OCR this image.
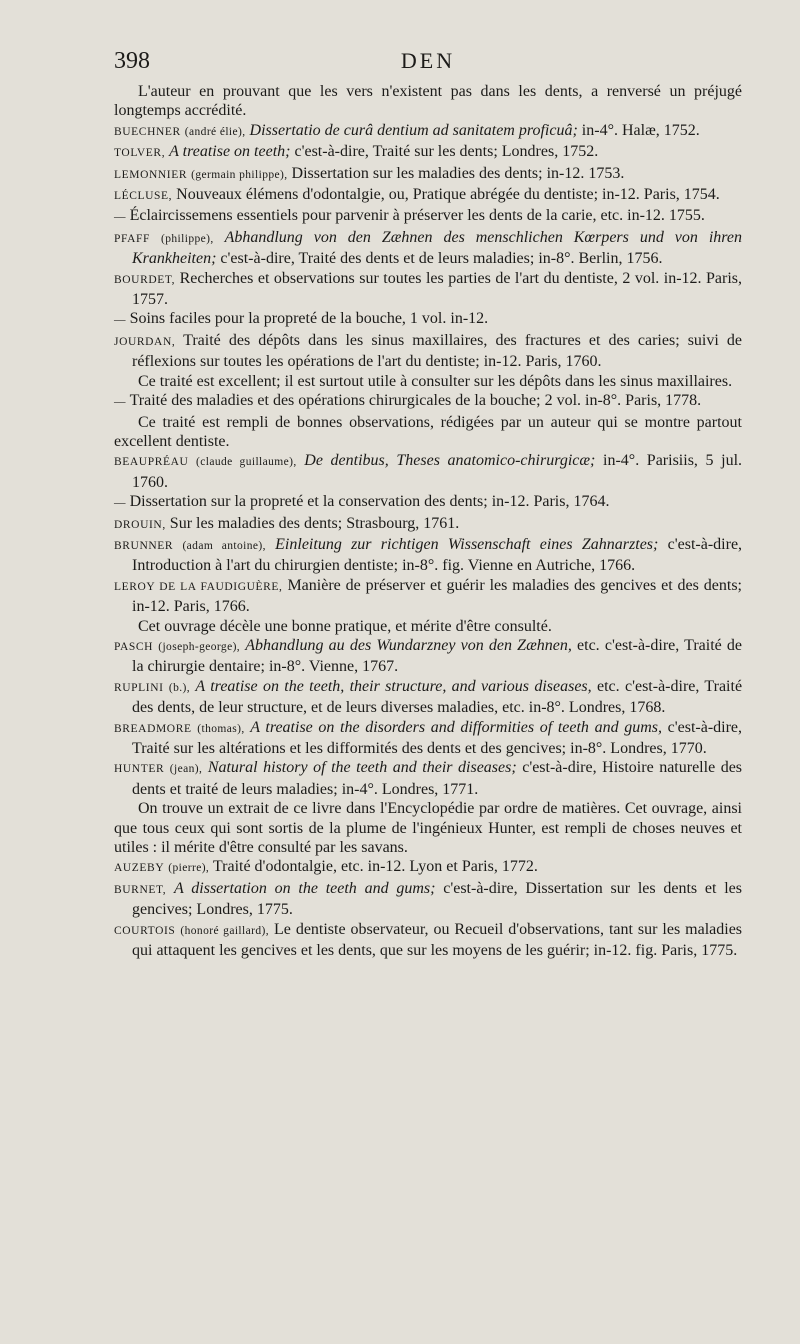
398	DEN

L'auteur en prouvant que les vers n'existent pas dans les dents, a renversé un préjugé longtemps accrédité.

BUECHNER (andré élie), Dissertatio de curâ dentium ad sanitatem proficuâ; in-4°. Halæ, 1752.

TOLVER, A treatise on teeth; c'est-à-dire, Traité sur les dents; Londres, 1752.

LEMONNIER (germain philippe), Dissertation sur les maladies des dents; in-12. 1753.

LÉCLUSE, Nouveaux élémens d'odontalgie, ou, Pratique abrégée du dentiste; in-12. Paris, 1754.

— Éclaircissemens essentiels pour parvenir à préserver les dents de la carie, etc. in-12. 1755.

PFAFF (philippe), Abhandlung von den Zæhnen des menschlichen Kœrpers und von ihren Krankheiten; c'est-à-dire, Traité des dents et de leurs maladies; in-8°. Berlin, 1756.

BOURDET, Recherches et observations sur toutes les parties de l'art du dentiste, 2 vol. in-12. Paris, 1757.

— Soins faciles pour la propreté de la bouche, 1 vol. in-12.

JOURDAN, Traité des dépôts dans les sinus maxillaires, des fractures et des caries; suivi de réflexions sur toutes les opérations de l'art du dentiste; in-12. Paris, 1760.

Ce traité est excellent; il est surtout utile à consulter sur les dépôts dans les sinus maxillaires.

— Traité des maladies et des opérations chirurgicales de la bouche; 2 vol. in-8°. Paris, 1778.

Ce traité est rempli de bonnes observations, rédigées par un auteur qui se montre partout excellent dentiste.

BEAUPRÉAU (claude guillaume), De dentibus, Theses anatomico-chirurgicæ; in-4°. Parisiis, 5 jul. 1760.

— Dissertation sur la propreté et la conservation des dents; in-12. Paris, 1764.

DROUIN, Sur les maladies des dents; Strasbourg, 1761.

BRUNNER (adam antoine), Einleitung zur richtigen Wissenschaft eines Zahnarztes; c'est-à-dire, Introduction à l'art du chirurgien dentiste; in-8°. fig. Vienne en Autriche, 1766.

LEROY DE LA FAUDIGUÈRE, Manière de préserver et guérir les maladies des gencives et des dents; in-12. Paris, 1766.

Cet ouvrage décèle une bonne pratique, et mérite d'être consulté.

PASCH (joseph-george), Abhandlung au des Wundarzney von den Zæhnen, etc. c'est-à-dire, Traité de la chirurgie dentaire; in-8°. Vienne, 1767.

RUPLINI (b.), A treatise on the teeth, their structure, and various diseases, etc. c'est-à-dire, Traité des dents, de leur structure, et de leurs diverses maladies, etc. in-8°. Londres, 1768.

BREADMORE (thomas), A treatise on the disorders and difformities of teeth and gums, c'est-à-dire, Traité sur les altérations et les difformités des dents et des gencives; in-8°. Londres, 1770.

HUNTER (jean), Natural history of the teeth and their diseases; c'est-à-dire, Histoire naturelle des dents et traité de leurs maladies; in-4°. Londres, 1771.

On trouve un extrait de ce livre dans l'Encyclopédie par ordre de matières. Cet ouvrage, ainsi que tous ceux qui sont sortis de la plume de l'ingénieux Hunter, est rempli de choses neuves et utiles : il mérite d'être consulté par les savans.

AUZEBY (pierre), Traité d'odontalgie, etc. in-12. Lyon et Paris, 1772.

BURNET, A dissertation on the teeth and gums; c'est-à-dire, Dissertation sur les dents et les gencives; Londres, 1775.

COURTOIS (honoré gaillard), Le dentiste observateur, ou Recueil d'observations, tant sur les maladies qui attaquent les gencives et les dents, que sur les moyens de les guérir; in-12. fig. Paris, 1775.
